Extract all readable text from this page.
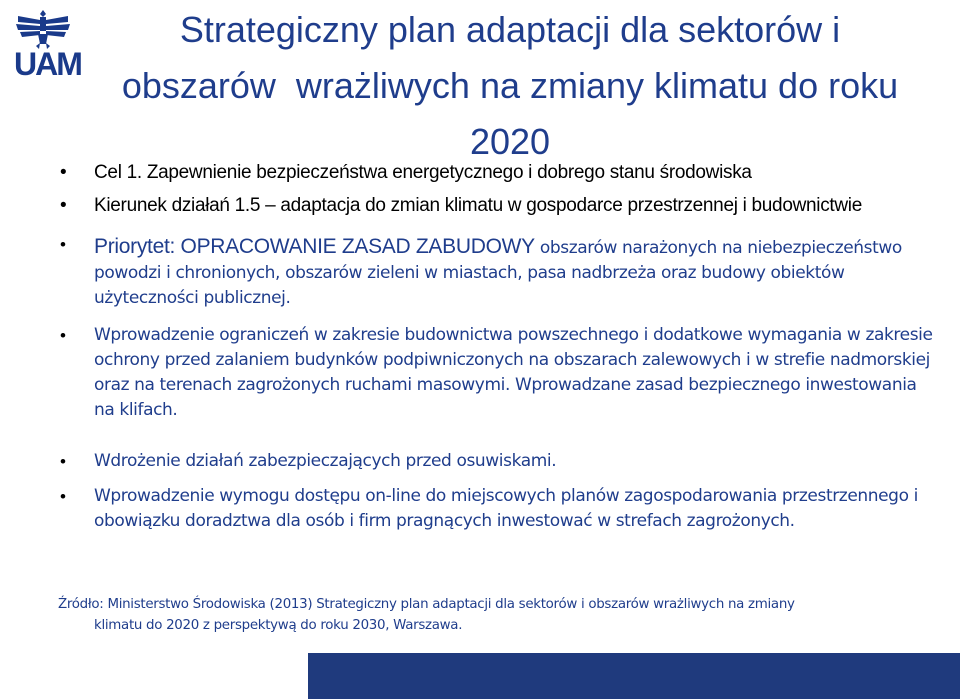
UAM
Strategiczny plan adaptacji dla sektorów i
obszarów  wrażliwych na zmiany klimatu do roku
2020
• Cel 1. Zapewnienie bezpieczeństwa energetycznego i dobrego stanu środowiska
• Kierunek działań 1.5 – adaptacja do zmian klimatu w gospodarce przestrzennej i budownictwie
• Priorytet: OPRACOWANIE ZASAD ZABUDOWY obszarów narażonych na niebezpieczeństwo powodzi i chronionych, obszarów zieleni w miastach, pasa nadbrzeża oraz budowy obiektów użyteczności publicznej.
• Wprowadzenie ograniczeń w zakresie budownictwa powszechnego i dodatkowe wymagania w zakresie ochrony przed zalaniem budynków podpiwniczonych na obszarach zalewowych i w strefie nadmorskiej oraz na terenach zagrożonych ruchami masowymi. Wprowadzane zasad bezpiecznego inwestowania na klifach.
• Wdrożenie działań zabezpieczających przed osuwiskami.
• Wprowadzenie wymogu dostępu on-line do miejscowych planów zagospodarowania przestrzennego i obowiązku doradztwa dla osób i firm pragnących inwestować w strefach zagrożonych.
Źródło: Ministerstwo Środowiska (2013) Strategiczny plan adaptacji dla sektorów i obszarów wrażliwych na zmiany
klimatu do 2020 z perspektywą do roku 2030, Warszawa.
